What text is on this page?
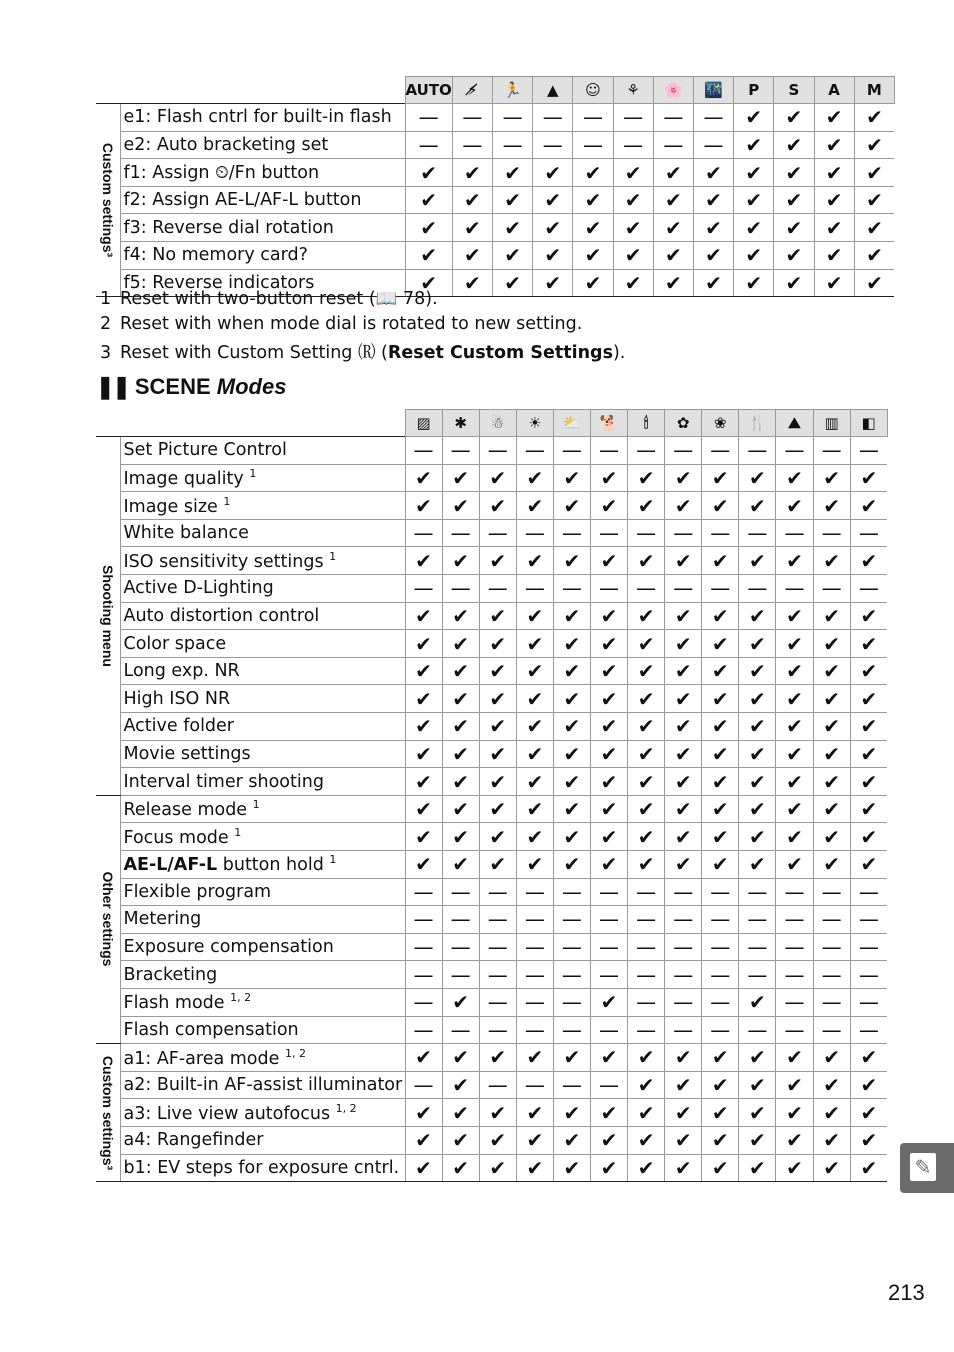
		AUTO	⚡̸	🏃	▲	☺	⚘	🌸	🌃	P	S	A	M

Custom settings³	e1: Flash cntrl for built-in flash	—	—	—	—	—	—	—	—	✔	✔	✔	✔
	e2: Auto bracketing set	—	—	—	—	—	—	—	—	✔	✔	✔	✔
	f1: Assign ⏲/Fn button	✔	✔	✔	✔	✔	✔	✔	✔	✔	✔	✔	✔
	f2: Assign AE-L/AF-L button	✔	✔	✔	✔	✔	✔	✔	✔	✔	✔	✔	✔
	f3: Reverse dial rotation	✔	✔	✔	✔	✔	✔	✔	✔	✔	✔	✔	✔
	f4: No memory card?	✔	✔	✔	✔	✔	✔	✔	✔	✔	✔	✔	✔
	f5: Reverse indicators	✔	✔	✔	✔	✔	✔	✔	✔	✔	✔	✔	✔
1 Reset with two-button reset (📖 78).
2 Reset with when mode dial is rotated to new setting.
3 Reset with Custom Setting 🄡 (Reset Custom Settings).
❚❚ SCENE Modes
		▨	✱	☃	☀	⛅	🐕	🕯	✿	❀	🍴	⛰	▥	◧

Shooting menu	Set Picture Control	—	—	—	—	—	—	—	—	—	—	—	—	—
	Image quality $^1$	✔	✔	✔	✔	✔	✔	✔	✔	✔	✔	✔	✔	✔
	Image size $^1$	✔	✔	✔	✔	✔	✔	✔	✔	✔	✔	✔	✔	✔
	White balance	—	—	—	—	—	—	—	—	—	—	—	—	—
	ISO sensitivity settings $^1$	✔	✔	✔	✔	✔	✔	✔	✔	✔	✔	✔	✔	✔
	Active D-Lighting	—	—	—	—	—	—	—	—	—	—	—	—	—
	Auto distortion control	✔	✔	✔	✔	✔	✔	✔	✔	✔	✔	✔	✔	✔
	Color space	✔	✔	✔	✔	✔	✔	✔	✔	✔	✔	✔	✔	✔
	Long exp. NR	✔	✔	✔	✔	✔	✔	✔	✔	✔	✔	✔	✔	✔
	High ISO NR	✔	✔	✔	✔	✔	✔	✔	✔	✔	✔	✔	✔	✔
	Active folder	✔	✔	✔	✔	✔	✔	✔	✔	✔	✔	✔	✔	✔
	Movie settings	✔	✔	✔	✔	✔	✔	✔	✔	✔	✔	✔	✔	✔
	Interval timer shooting	✔	✔	✔	✔	✔	✔	✔	✔	✔	✔	✔	✔	✔

Other settings	Release mode $^1$	✔	✔	✔	✔	✔	✔	✔	✔	✔	✔	✔	✔	✔
	Focus mode $^1$	✔	✔	✔	✔	✔	✔	✔	✔	✔	✔	✔	✔	✔
	AE-L/AF-L button hold $^1$	✔	✔	✔	✔	✔	✔	✔	✔	✔	✔	✔	✔	✔
	Flexible program	—	—	—	—	—	—	—	—	—	—	—	—	—
	Metering	—	—	—	—	—	—	—	—	—	—	—	—	—
	Exposure compensation	—	—	—	—	—	—	—	—	—	—	—	—	—
	Bracketing	—	—	—	—	—	—	—	—	—	—	—	—	—
	Flash mode $^{1, 2}$	—	✔	—	—	—	✔	—	—	—	✔	—	—	—
	Flash compensation	—	—	—	—	—	—	—	—	—	—	—	—	—

Custom settings³	a1: AF-area mode $^{1, 2}$	✔	✔	✔	✔	✔	✔	✔	✔	✔	✔	✔	✔	✔
	a2: Built-in AF-assist illuminator	—	✔	—	—	—	—	✔	✔	✔	✔	✔	✔	✔
	a3: Live view autofocus $^{1, 2}$	✔	✔	✔	✔	✔	✔	✔	✔	✔	✔	✔	✔	✔
	a4: Rangefinder	✔	✔	✔	✔	✔	✔	✔	✔	✔	✔	✔	✔	✔
	b1: EV steps for exposure cntrl.	✔	✔	✔	✔	✔	✔	✔	✔	✔	✔	✔	✔	✔ ✎
213
